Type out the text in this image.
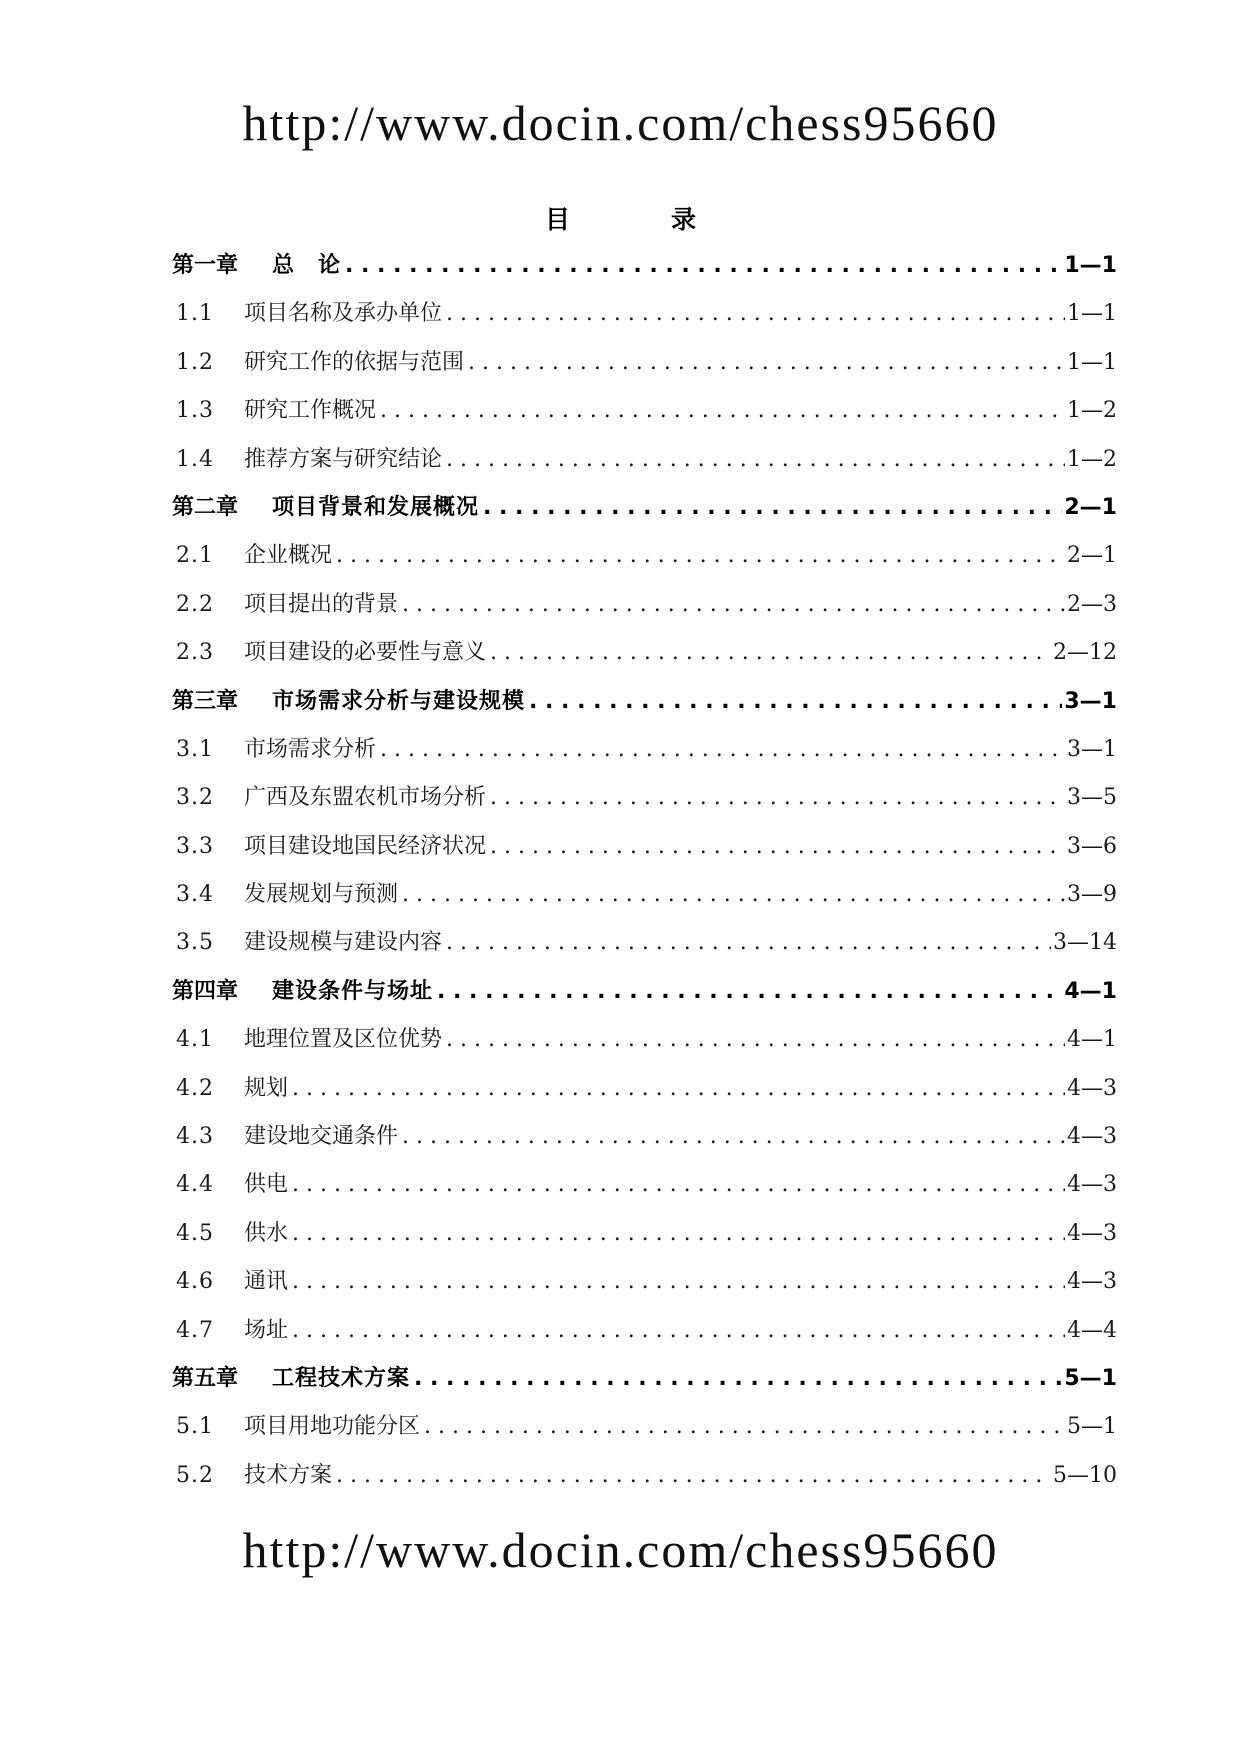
http://www.docin.com/chess95660
目　录
第一章	总　论 . . .	1—1
1.1	项目名称及承办单位 . . .	1—1
1.2	研究工作的依据与范围 . . .	1—1
1.3	研究工作概况 . . .	1—2
1.4	推荐方案与研究结论 . . .	1—2
第二章	项目背景和发展概况 . . .	2—1
2.1	企业概况 . . .	2—1
2.2	项目提出的背景 . . .	2—3
2.3	项目建设的必要性与意义 . . .	2—12
第三章	市场需求分析与建设规模 . . .	3—1
3.1	市场需求分析 . . .	3—1
3.2	广西及东盟农机市场分析 . . .	3—5
3.3	项目建设地国民经济状况 . . .	3—6
3.4	发展规划与预测 . . .	3—9
3.5	建设规模与建设内容 . . .	3—14
第四章	建设条件与场址 . . .	4—1
4.1	地理位置及区位优势 . . .	4—1
4.2	规划 . . .	4—3
4.3	建设地交通条件 . . .	4—3
4.4	供电 . . .	4—3
4.5	供水 . . .	4—3
4.6	通讯 . . .	4—3
4.7	场址 . . .	4—4
第五章	工程技术方案 . . .	5—1
5.1	项目用地功能分区 . . .	5—1
5.2	技术方案 . . .	5—10
http://www.docin.com/chess95660
